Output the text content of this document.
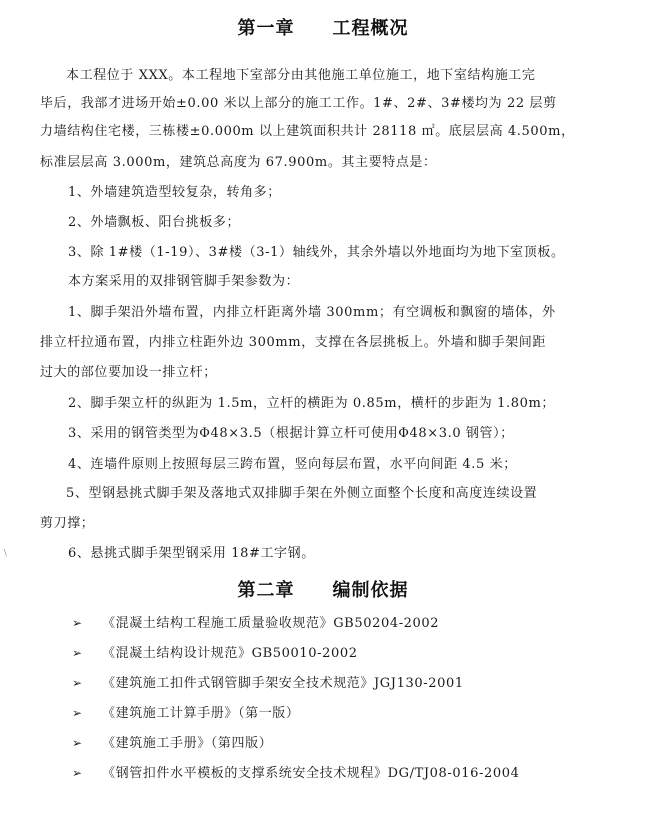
第一章 工程概况
本工程位于 XXX。本工程地下室部分由其他施工单位施工，地下室结构施工完
毕后，我部才进场开始±0.00 米以上部分的施工工作。1#、2#、3#楼均为 22 层剪
力墙结构住宅楼，三栋楼±0.000m 以上建筑面积共计 28118 ㎡。底层层高 4.500m，
标准层层高 3.000m，建筑总高度为 67.900m。其主要特点是：
1、外墙建筑造型较复杂，转角多；
2、外墙飘板、阳台挑板多；
3、除 1#楼（1-19）、3#楼（3-1）轴线外，其余外墙以外地面均为地下室顶板。
本方案采用的双排钢管脚手架参数为：
1、脚手架沿外墙布置，内排立杆距离外墙 300mm；有空调板和飘窗的墙体，外
排立杆拉通布置，内排立柱距外边 300mm，支撑在各层挑板上。外墙和脚手架间距
过大的部位要加设一排立杆；
2、脚手架立杆的纵距为 1.5m，立杆的横距为 0.85m，横杆的步距为 1.80m；
3、采用的钢管类型为Φ48×3.5（根据计算立杆可使用Φ48×3.0 钢管）；
4、连墙件原则上按照每层三跨布置，竖向每层布置，水平向间距 4.5 米；
5、型钢悬挑式脚手架及落地式双排脚手架在外侧立面整个长度和高度连续设置
剪刀撑；
\	6、悬挑式脚手架型钢采用 18#工字钢。
第二章 编制依据
➢ 《混凝土结构工程施工质量验收规范》GB50204-2002
➢ 《混凝土结构设计规范》GB50010-2002
➢ 《建筑施工扣件式钢管脚手架安全技术规范》JGJ130-2001
➢ 《建筑施工计算手册》（第一版）
➢ 《建筑施工手册》（第四版）
➢ 《钢管扣件水平模板的支撑系统安全技术规程》DG/TJ08-016-2004
